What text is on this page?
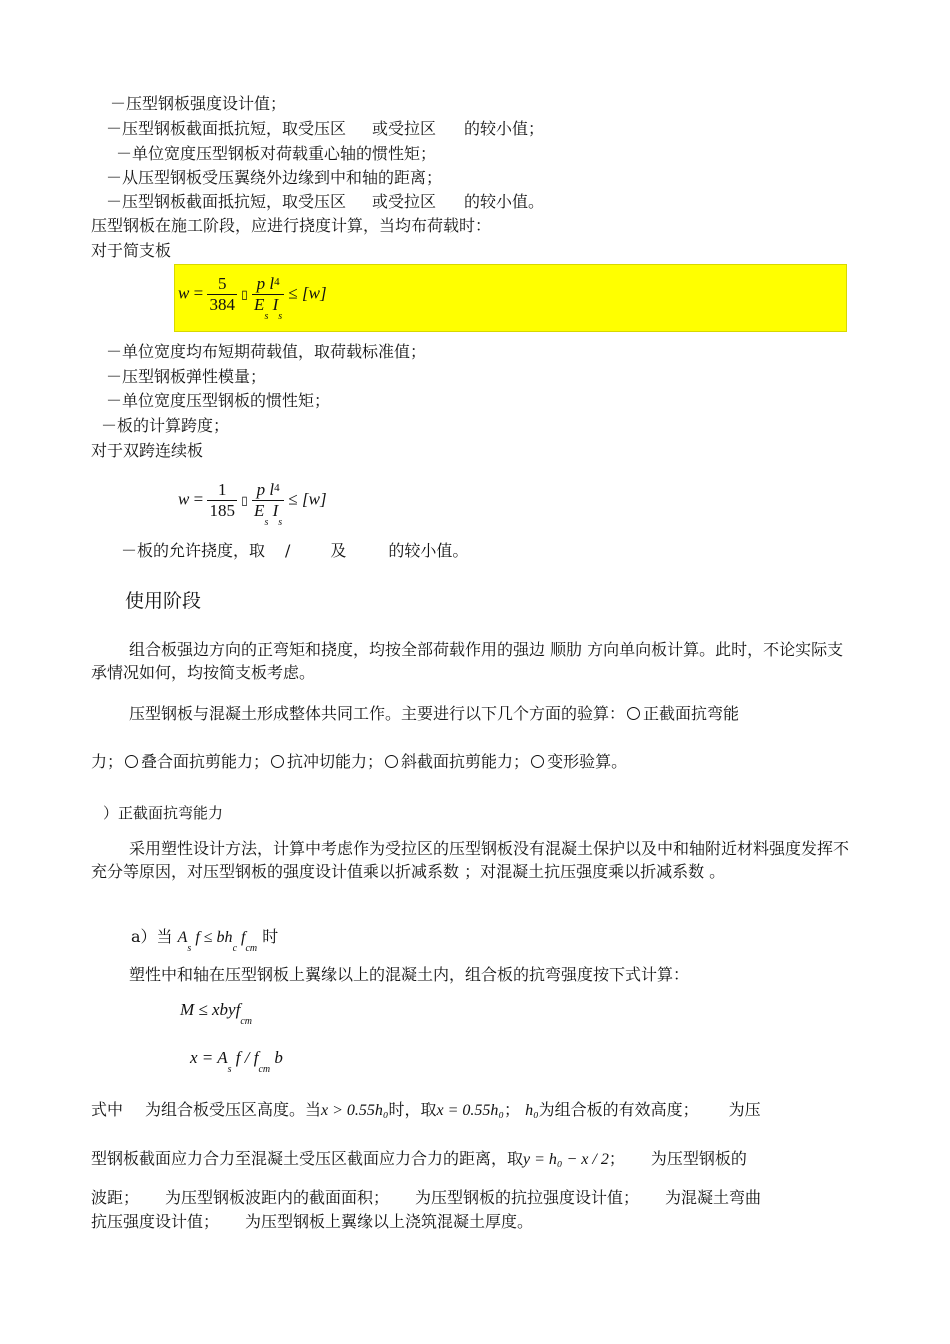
－压型钢板强度设计值；
－压型钢板截面抵抗短，取受压区 或受拉区 的较小值；
－单位宽度压型钢板对荷载重心轴的惯性矩；
－从压型钢板受压翼绕外边缘到中和轴的距离；
－压型钢板截面抵抗短，取受压区 或受拉区 的较小值。
压型钢板在施工阶段，应进行挠度计算，当均布荷载时：
对于简支板
$w = \frac{5}{384}$ ▯ $\frac{p l^4}{E_s I_s} \le [w]$
－单位宽度均布短期荷载值，取荷载标准值；
－压型钢板弹性模量；
－单位宽度压型钢板的惯性矩；
－板的计算跨度；
对于双跨连续板
$w = \frac{1}{185}$ ▯ $\frac{p l^4}{E_s I_s} \le [w]$
－板的允许挠度，取 /	及	的较小值。
使用阶段
组合板强边方向的正弯矩和挠度，均按全部荷载作用的强边 顺肋 方向单向板计算。此时，不论实际支承情况如何，均按简支板考虑。
压型钢板与混凝土形成整体共同工作。主要进行以下几个方面的验算： 正截面抗弯能
力； 叠合面抗剪能力； 抗冲切能力； 斜截面抗剪能力； 变形验算。
）正截面抗弯能力
采用塑性设计方法，计算中考虑作为受拉区的压型钢板没有混凝土保护以及中和轴附近材料强度发挥不充分等原因，对压型钢板的强度设计值乘以折减系数 ；对混凝土抗压强度乘以折减系数 。
a）当 $A_s$ $f \le bh_c$ $f_{cm}$ 时
塑性中和轴在压型钢板上翼缘以上的混凝土内，组合板的抗弯强度按下式计算：
M ≤ xbyf$_{cm}$
$x = A_s$ f / $f_{cm}$ b
式中 为组合板受压区高度。当x > 0.55h₀时，取x = 0.55h₀； h₀为组合板的有效高度； 为压
型钢板截面应力合力至混凝土受压区截面应力合力的距离，取y = h₀ − x / 2； 为压型钢板的
波距； 为压型钢板波距内的截面面积； 为压型钢板的抗拉强度设计值； 为混凝土弯曲
抗压强度设计值； 为压型钢板上翼缘以上浇筑混凝土厚度。
